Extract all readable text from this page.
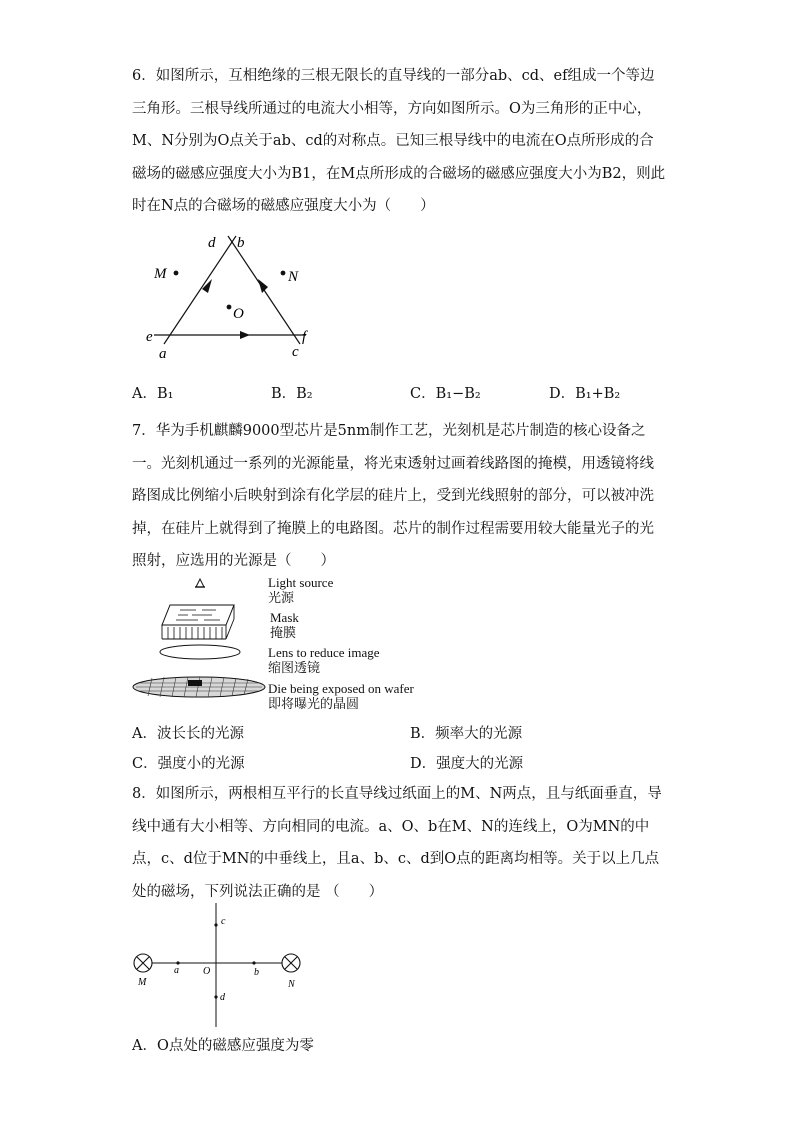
6．如图所示，互相绝缘的三根无限长的直导线的一部分ab、cd、ef组成一个等边三角形。三根导线所通过的电流大小相等，方向如图所示。O为三角形的正中心，M、N分别为O点关于ab、cd的对称点。已知三根导线中的电流在O点所形成的合磁场的磁感应强度大小为B1，在M点所形成的合磁场的磁感应强度大小为B2，则此时在N点的合磁场的磁感应强度大小为（　　）

d b
M	N
O
e	f
a	c
A．B₁	B．B₂	C．B₁−B₂	D．B₁+B₂

7．华为手机麒麟9000型芯片是5nm制作工艺，光刻机是芯片制造的核心设备之一。光刻机通过一系列的光源能量，将光束透射过画着线路图的掩模，用透镜将线路图成比例缩小后映射到涂有化学层的硅片上，受到光线照射的部分，可以被冲洗掉，在硅片上就得到了掩膜上的电路图。芯片的制作过程需要用较大能量光子的光照射，应选用的光源是（　　）

Light source
光源
Mask
掩膜
Lens to reduce image
缩图透镜
Die being exposed on wafer
即将曝光的晶圆
A．波长长的光源	B．频率大的光源
C．强度小的光源	D．强度大的光源

8．如图所示，两根相互平行的长直导线过纸面上的M、N两点，且与纸面垂直，导线中通有大小相等、方向相同的电流。a、O、b在M、N的连线上，O为MN的中点，c、d位于MN的中垂线上，且a、b、c、d到O点的距离均相等。关于以上几点处的磁场，下列说法正确的是 （　　）

c
a O	b
d
M	N
A．O点处的磁感应强度为零
